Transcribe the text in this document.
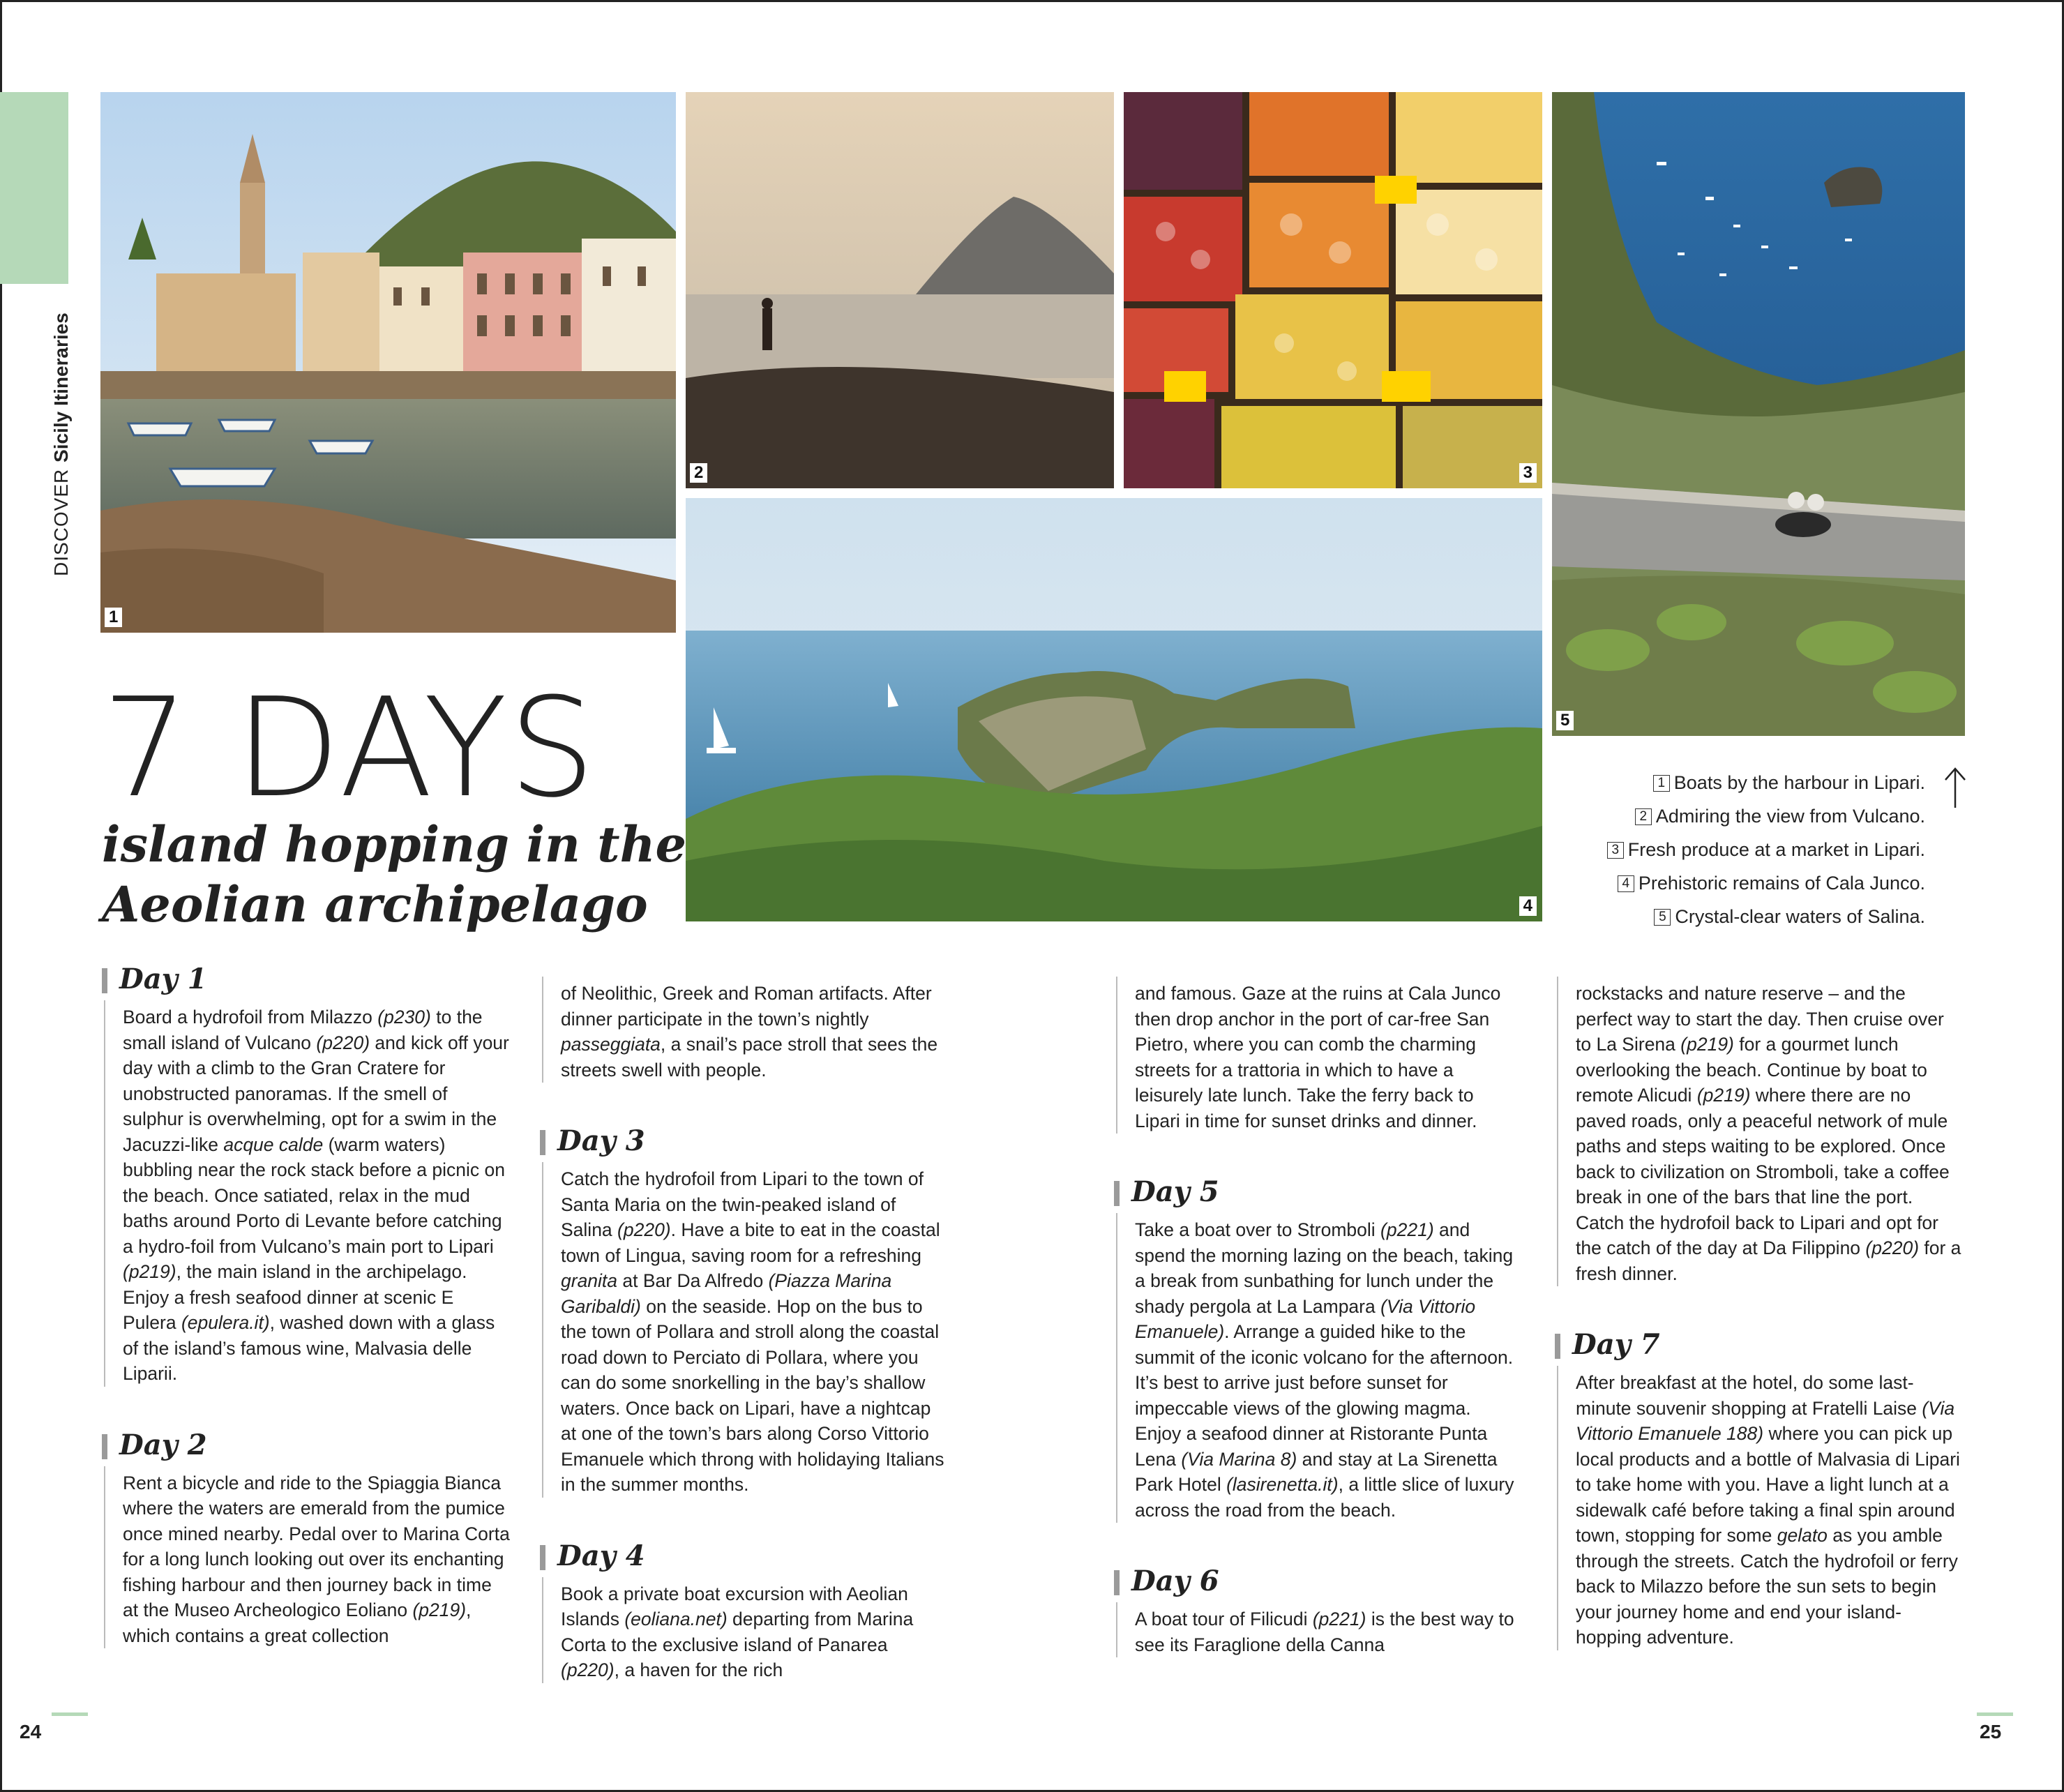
DISCOVER Sicily Itineraries
1
2	3
4
5
7 DAYS
island hopping in the
Aeolian archipelago
1 Boats by the harbour in Lipari.
2 Admiring the view from Vulcano.
3 Fresh produce at a market in Lipari.
4 Prehistoric remains of Cala Junco.
5 Crystal-clear waters of Salina.
Day 1
Board a hydrofoil from Milazzo (p230) to the small island of Vulcano (p220) and kick off your day with a climb to the Gran Cratere for unobstructed panoramas. If the smell of sulphur is overwhelming, opt for a swim in the Jacuzzi-like acque calde (warm waters) bubbling near the rock stack before a picnic on the beach. Once satiated, relax in the mud baths around Porto di Levante before catching a hydro-foil from Vulcano’s main port to Lipari (p219), the main island in the archipelago. Enjoy a fresh seafood dinner at scenic E Pulera (epulera.it), washed down with a glass of the island’s famous wine, Malvasia delle Liparii.
Day 2
Rent a bicycle and ride to the Spiaggia Bianca where the waters are emerald from the pumice once mined nearby. Pedal over to Marina Corta for a long lunch looking out over its enchanting fishing harbour and then journey back in time at the Museo Archeologico Eoliano (p219), which contains a great collection
of Neolithic, Greek and Roman artifacts. After dinner participate in the town’s nightly passeggiata, a snail’s pace stroll that sees the streets swell with people.
Day 3
Catch the hydrofoil from Lipari to the town of Santa Maria on the twin-peaked island of Salina (p220). Have a bite to eat in the coastal town of Lingua, saving room for a refreshing granita at Bar Da Alfredo (Piazza Marina Garibaldi) on the seaside. Hop on the bus to the town of Pollara and stroll along the coastal road down to Perciato di Pollara, where you can do some snorkelling in the bay’s shallow waters. Once back on Lipari, have a nightcap at one of the town’s bars along Corso Vittorio Emanuele which throng with holidaying Italians in the summer months.
Day 4
Book a private boat excursion with Aeolian Islands (eoliana.net) departing from Marina Corta to the exclusive island of Panarea (p220), a haven for the rich
and famous. Gaze at the ruins at Cala Junco then drop anchor in the port of car-free San Pietro, where you can comb the charming streets for a trattoria in which to have a leisurely late lunch. Take the ferry back to Lipari in time for sunset drinks and dinner.
Day 5
Take a boat over to Stromboli (p221) and spend the morning lazing on the beach, taking a break from sunbathing for lunch under the shady pergola at La Lampara (Via Vittorio Emanuele). Arrange a guided hike to the summit of the iconic volcano for the afternoon. It’s best to arrive just before sunset for impeccable views of the glowing magma. Enjoy a seafood dinner at Ristorante Punta Lena (Via Marina 8) and stay at La Sirenetta Park Hotel (lasirenetta.it), a little slice of luxury across the road from the beach.
Day 6
A boat tour of Filicudi (p221) is the best way to see its Faraglione della Canna
rockstacks and nature reserve – and the perfect way to start the day. Then cruise over to La Sirena (p219) for a gourmet lunch overlooking the beach. Continue by boat to remote Alicudi (p219) where there are no paved roads, only a peaceful network of mule paths and steps waiting to be explored. Once back to civilization on Stromboli, take a coffee break in one of the bars that line the port. Catch the hydrofoil back to Lipari and opt for the catch of the day at Da Filippino (p220) for a fresh dinner.
Day 7
After breakfast at the hotel, do some last-minute souvenir shopping at Fratelli Laise (Via Vittorio Emanuele 188) where you can pick up local products and a bottle of Malvasia di Lipari to take home with you. Have a light lunch at a sidewalk café before taking a final spin around town, stopping for some gelato as you amble through the streets. Catch the hydrofoil or ferry back to Milazzo before the sun sets to begin your journey home and end your island-hopping adventure.
24	25
